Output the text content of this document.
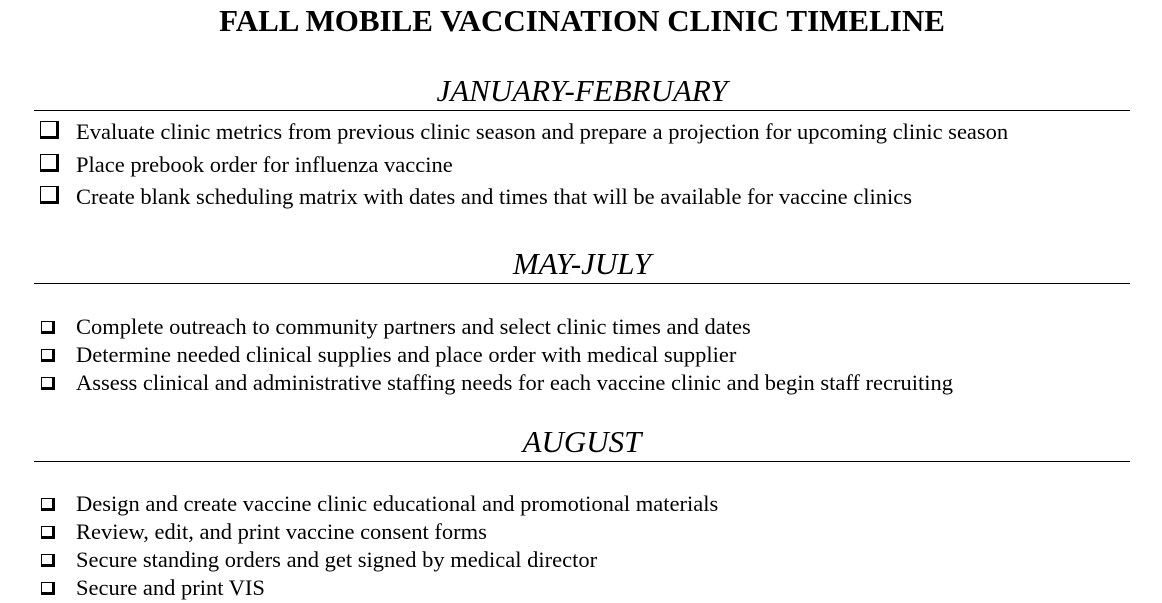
FALL MOBILE VACCINATION CLINIC TIMELINE
JANUARY-FEBRUARY
Evaluate clinic metrics from previous clinic season and prepare a projection for upcoming clinic season
Place prebook order for influenza vaccine
Create blank scheduling matrix with dates and times that will be available for vaccine clinics
MAY-JULY
Complete outreach to community partners and select clinic times and dates
Determine needed clinical supplies and place order with medical supplier
Assess clinical and administrative staffing needs for each vaccine clinic and begin staff recruiting
AUGUST
Design and create vaccine clinic educational and promotional materials
Review, edit, and print vaccine consent forms
Secure standing orders and get signed by medical director
Secure and print VIS
